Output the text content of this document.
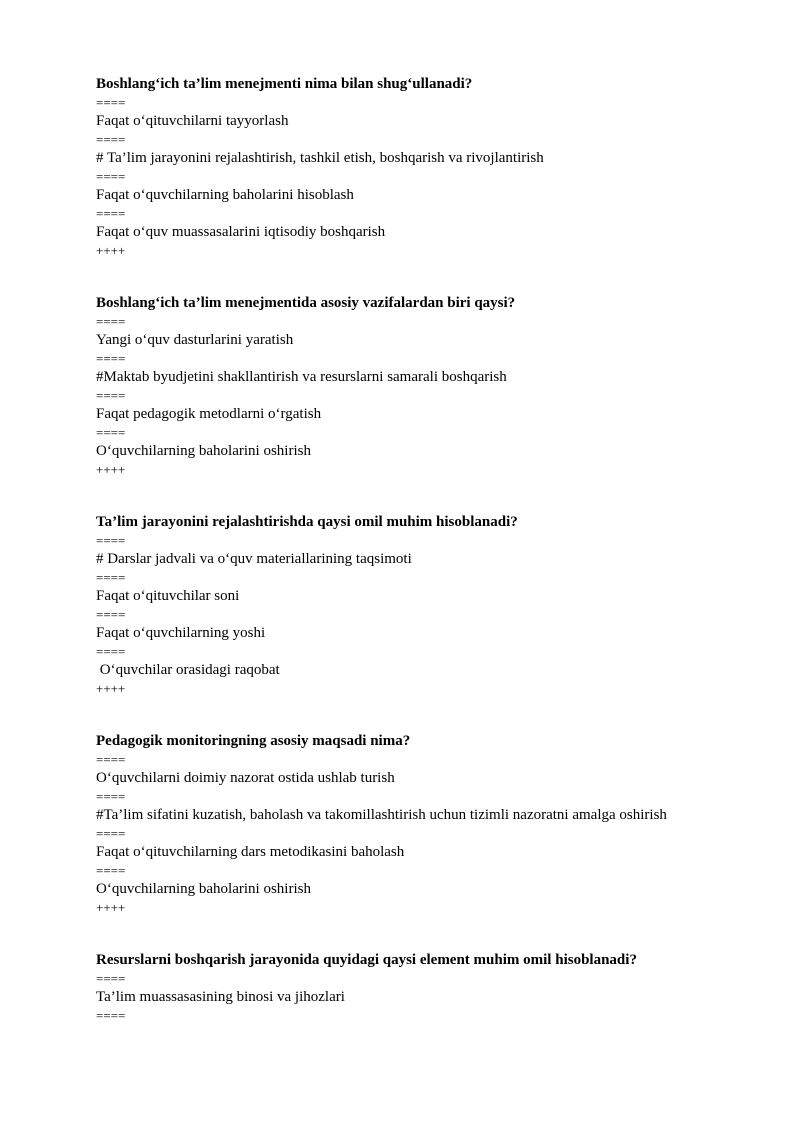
Boshlang‘ich ta’lim menejmenti nima bilan shug‘ullanadi?

====

Faqat o‘qituvchilarni tayyorlash

====

# Ta’lim jarayonini rejalashtirish, tashkil etish, boshqarish va rivojlantirish

====

Faqat o‘quvchilarning baholarini hisoblash

====

Faqat o‘quv muassasalarini iqtisodiy boshqarish

++++

Boshlang‘ich ta’lim menejmentida asosiy vazifalardan biri qaysi?

====

Yangi o‘quv dasturlarini yaratish

====

#Maktab byudjetini shakllantirish va resurslarni samarali boshqarish

====

Faqat pedagogik metodlarni o‘rgatish

====

O‘quvchilarning baholarini oshirish

++++

Ta’lim jarayonini rejalashtirishda qaysi omil muhim hisoblanadi?

====

# Darslar jadvali va o‘quv materiallarining taqsimoti

====

Faqat o‘qituvchilar soni

====

Faqat o‘quvchilarning yoshi

====

O‘quvchilar orasidagi raqobat

++++

Pedagogik monitoringning asosiy maqsadi nima?

====

O‘quvchilarni doimiy nazorat ostida ushlab turish

====

#Ta’lim sifatini kuzatish, baholash va takomillashtirish uchun tizimli nazoratni amalga oshirish

====

Faqat o‘qituvchilarning dars metodikasini baholash

====

O‘quvchilarning baholarini oshirish

++++

Resurslarni boshqarish jarayonida quyidagi qaysi element muhim omil hisoblanadi?

====

Ta’lim muassasasining binosi va jihozlari

====
